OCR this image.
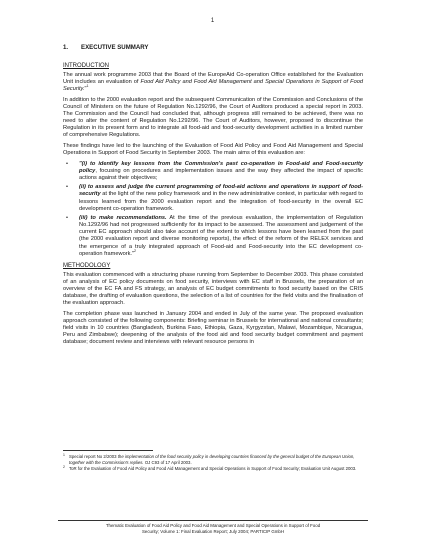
1
1. EXECUTIVE SUMMARY
INTRODUCTION

The annual work programme 2003 that the Board of the EuropeAid Co-operation Office established for the Evaluation Unit includes an evaluation of Food Aid Policy and Food Aid Management and Special Operations in Support of Food Security."$^1$

In addition to the 2000 evaluation report and the subsequent Communication of the Commission and Conclusions of the Council of Ministers on the future of Regulation No.1292/96, the Court of Auditors produced a special report in 2003. The Commission and the Council had concluded that, although progress still remained to be achieved, there was no need to alter the content of Regulation No.1292/96. The Court of Auditors, however, proposed to discontinue the Regulation in its present form and to integrate all food-aid and food-security development activities in a limited number of comprehensive Regulations.

These findings have led to the launching of the Evaluation of Food Aid Policy and Food Aid Management and Special Operations in Support of Food Security in September 2003. The main aims of this evaluation are:

• "(i) to identify key lessons from the Commission's past co-operation in Food-aid and Food-security policy, focusing on procedures and implementation issues and the way they affected the impact of specific actions against their objectives;
• (ii) to assess and judge the current programming of food-aid actions and operations in support of food-security at the light of the new policy framework and in the new administrative context, in particular with regard to lessons learned from the 2000 evaluation report and the integration of food-security in the overall EC development co-operation framework.
• (iii) to make recommendations. At the time of the previous evaluation, the implementation of Regulation No.1292/96 had not progressed sufficiently for its impact to be assessed. The assessment and judgement of the current EC approach should also take account of the extent to which lessons have been learned from the past (the 2000 evaluation report and diverse monitoring reports), the effect of the reform of the RELEX services and the emergence of a truly integrated approach of Food-aid and Food-security into the EC development co-operation framework."$^2$
METHODOLOGY

This evaluation commenced with a structuring phase running from September to December 2003. This phase consisted of an analysis of EC policy documents on food security, interviews with EC staff in Brussels, the preparation of an overview of the EC FA and FS strategy, an analysis of EC budget commitments to food security based on the CRIS database, the drafting of evaluation questions, the selection of a list of countries for the field visits and the finalisation of the evaluation approach.

The completion phase was launched in January 2004 and ended in July of the same year. The proposed evaluation approach consisted of the following components: Briefing seminar in Brussels for international and national consultants; field visits in 10 countries (Bangladesh, Burkina Faso, Ethiopia, Gaza, Kyrgyzstan, Malawi, Mozambique, Nicaragua, Peru and Zimbabwe); deepening of the analysis of the food aid and food security budget commitment and payment database; document review and interviews with relevant resource persons in

1 Special report No 2/2003 the implementation of the food security policy in developing countries financed by the general budget of the European Union, together with the Commission's replies. OJ C93 of 17 April 2003.
2 ToR for the Evaluation of Food Aid Policy and Food Aid Management and Special Operations in Support of Food Security; Evaluation Unit August 2003.
Thematic Evaluation of Food Aid Policy and Food Aid Management and Special Operations in Support of Food
Security; Volume 1: Final Evaluation Report; July 2004; PARTICIP GmbH
